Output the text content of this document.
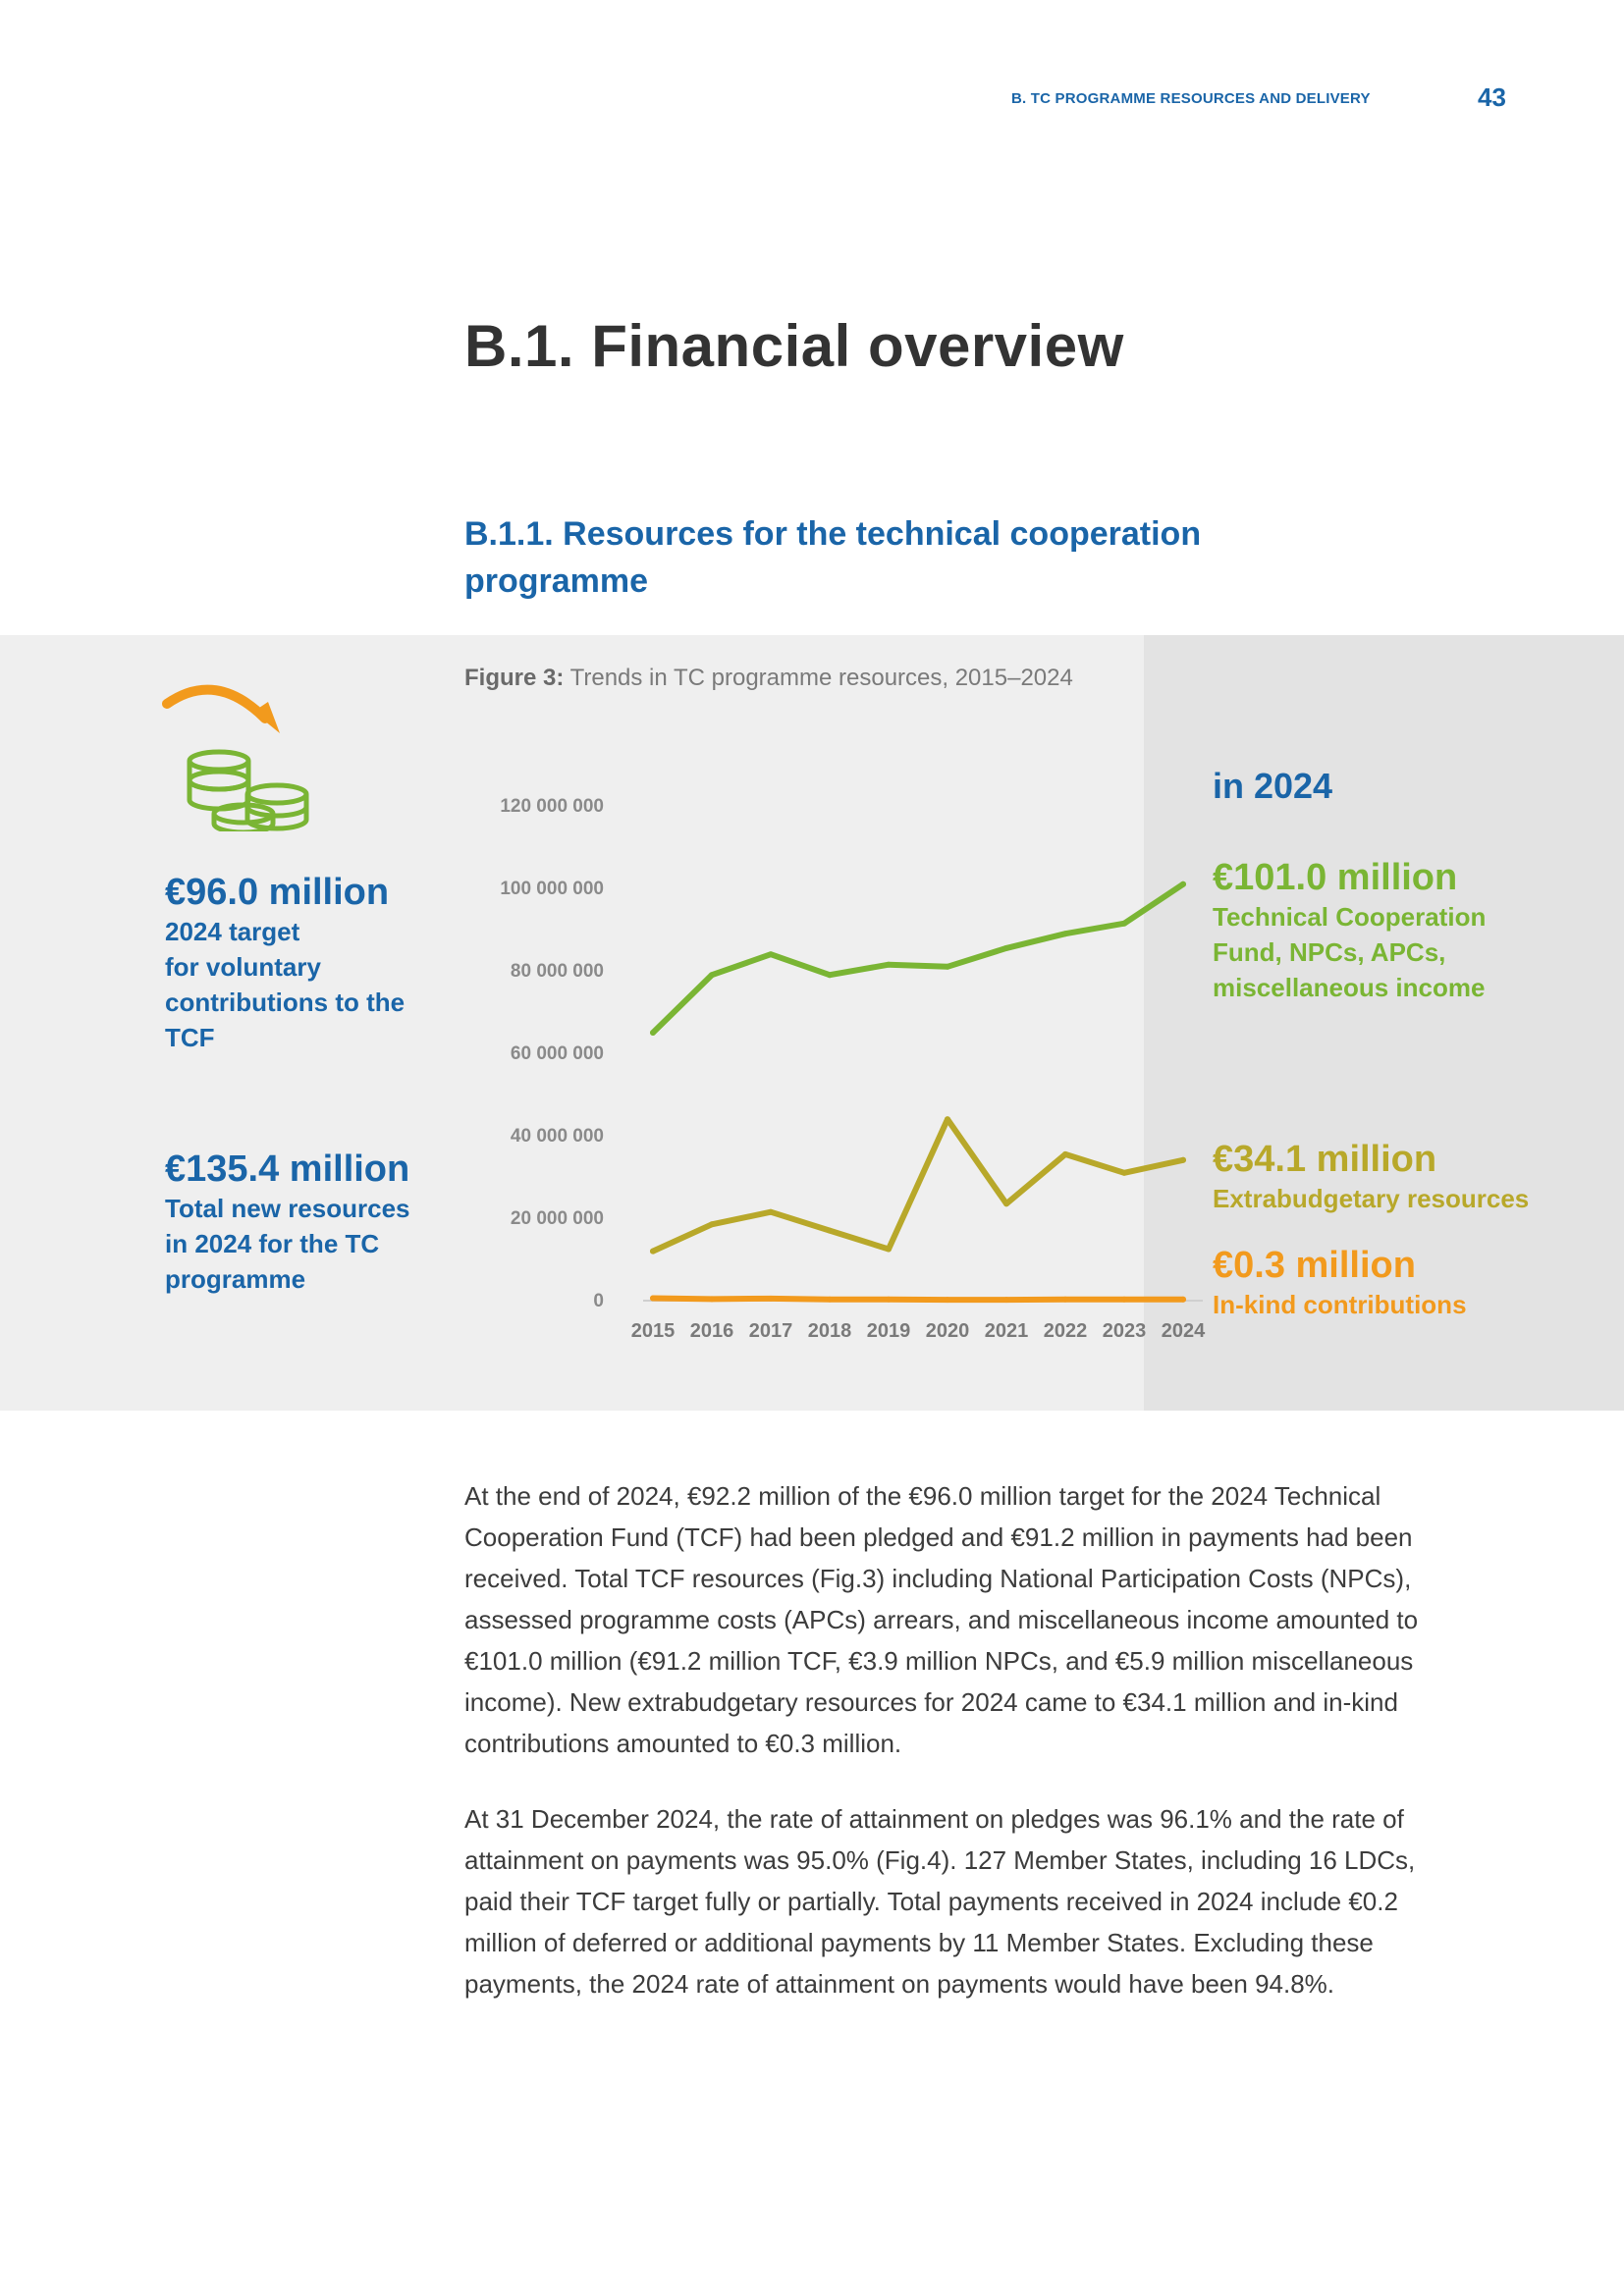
B. TC PROGRAMME RESOURCES AND DELIVERY	43
B.1. Financial overview
B.1.1. Resources for the technical cooperation programme
Figure 3: Trends in TC programme resources, 2015–2024
€96.0 million
2024 target
for voluntary
contributions to the
TCF
€135.4 million
Total new resources
in 2024 for the TC
programme
0
20 000 000
40 000 000
60 000 000
80 000 000
100 000 000
120 000 000
2015 2016 2017 2018 2019 2020 2021 2022 2023 2024
in 2024
€101.0 million
Technical Cooperation
Fund, NPCs, APCs,
miscellaneous income
€34.1 million
Extrabudgetary resources
€0.3 million
In-kind contributions

At the end of 2024, €92.2 million of the €96.0 million target for the 2024 Technical Cooperation Fund (TCF) had been pledged and €91.2 million in payments had been received. Total TCF resources (Fig.3) including National Participation Costs (NPCs), assessed programme costs (APCs) arrears, and miscellaneous income amounted to €101.0 million (€91.2 million TCF, €3.9 million NPCs, and €5.9 million miscellaneous income). New extrabudgetary resources for 2024 came to €34.1 million and in-kind contributions amounted to €0.3 million.

At 31 December 2024, the rate of attainment on pledges was 96.1% and the rate of attainment on payments was 95.0% (Fig.4). 127 Member States, including 16 LDCs, paid their TCF target fully or partially. Total payments received in 2024 include €0.2 million of deferred or additional payments by 11 Member States. Excluding these payments, the 2024 rate of attainment on payments would have been 94.8%.
